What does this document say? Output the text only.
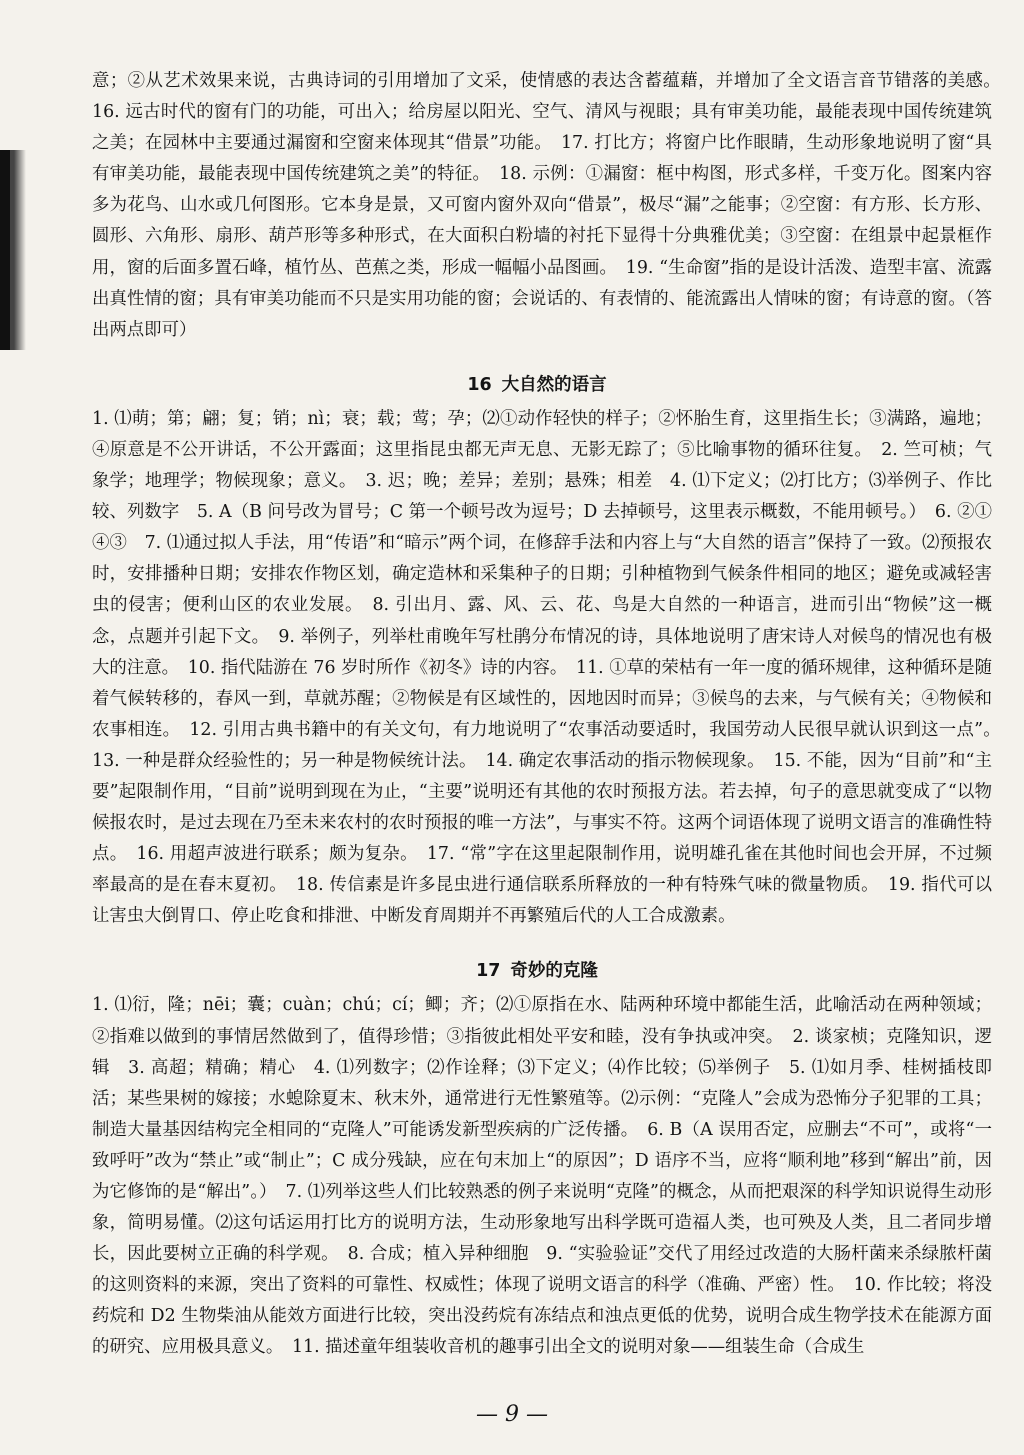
意；②从艺术效果来说，古典诗词的引用增加了文采，使情感的表达含蓄蕴藉，并增加了全文语言音节错落的美感。　16. 远古时代的窗有门的功能，可出入；给房屋以阳光、空气、清风与视眼；具有审美功能，最能表现中国传统建筑之美；在园林中主要通过漏窗和空窗来体现其“借景”功能。　17. 打比方；将窗户比作眼睛，生动形象地说明了窗“具有审美功能，最能表现中国传统建筑之美”的特征。　18. 示例：①漏窗：框中构图，形式多样，千变万化。图案内容多为花鸟、山水或几何图形。它本身是景，又可窗内窗外双向“借景”，极尽“漏”之能事；②空窗：有方形、长方形、圆形、六角形、扇形、葫芦形等多种形式，在大面积白粉墙的衬托下显得十分典雅优美；③空窗：在组景中起景框作用，窗的后面多置石峰，植竹丛、芭蕉之类，形成一幅幅小品图画。　19. “生命窗”指的是设计活泼、造型丰富、流露出真性情的窗；具有审美功能而不只是实用功能的窗；会说话的、有表情的、能流露出人情味的窗；有诗意的窗。（答出两点即可）

16 大自然的语言

1. ⑴萌；第；翩；复；销；nì；衰；载；莺；孕；⑵①动作轻快的样子；②怀胎生育，这里指生长；③满路，遍地；④原意是不公开讲话，不公开露面；这里指昆虫都无声无息、无影无踪了；⑤比喻事物的循环往复。　2. 竺可桢；气象学；地理学；物候现象；意义。　3. 迟；晚；差异；差别；悬殊；相差　4. ⑴下定义；⑵打比方；⑶举例子、作比较、列数字　5. A（B 问号改为冒号；C 第一个顿号改为逗号；D 去掉顿号，这里表示概数，不能用顿号。）　6. ②①④③　7. ⑴通过拟人手法，用“传语”和“暗示”两个词，在修辞手法和内容上与“大自然的语言”保持了一致。⑵预报农时，安排播种日期；安排农作物区划，确定造林和采集种子的日期；引种植物到气候条件相同的地区；避免或减轻害虫的侵害；便利山区的农业发展。　8. 引出月、露、风、云、花、鸟是大自然的一种语言，进而引出“物候”这一概念，点题并引起下文。　9. 举例子，列举杜甫晚年写杜鹃分布情况的诗，具体地说明了唐宋诗人对候鸟的情况也有极大的注意。　10. 指代陆游在 76 岁时所作《初冬》诗的内容。　11. ①草的荣枯有一年一度的循环规律，这种循环是随着气候转移的，春风一到，草就苏醒；②物候是有区域性的，因地因时而异；③候鸟的去来，与气候有关；④物候和农事相连。　12. 引用古典书籍中的有关文句，有力地说明了“农事活动要适时，我国劳动人民很早就认识到这一点”。　13. 一种是群众经验性的；另一种是物候统计法。　14. 确定农事活动的指示物候现象。　15. 不能，因为“目前”和“主要”起限制作用，“目前”说明到现在为止，“主要”说明还有其他的农时预报方法。若去掉，句子的意思就变成了“以物候报农时，是过去现在乃至未来农村的农时预报的唯一方法”，与事实不符。这两个词语体现了说明文语言的准确性特点。　16. 用超声波进行联系；颇为复杂。　17. “常”字在这里起限制作用，说明雄孔雀在其他时间也会开屏，不过频率最高的是在春末夏初。　18. 传信素是许多昆虫进行通信联系所释放的一种有特殊气味的微量物质。　19. 指代可以让害虫大倒胃口、停止吃食和排泄、中断发育周期并不再繁殖后代的人工合成激素。

17 奇妙的克隆

1. ⑴衍，隆；nēi；囊；cuàn；chú；cí；鲫；齐；⑵①原指在水、陆两种环境中都能生活，此喻活动在两种领域；②指难以做到的事情居然做到了，值得珍惜；③指彼此相处平安和睦，没有争执或冲突。　2. 谈家桢；克隆知识，逻辑　3. 高超；精确；精心　4. ⑴列数字；⑵作诠释；⑶下定义；⑷作比较；⑸举例子　5. ⑴如月季、桂树插枝即活；某些果树的嫁接；水螅除夏末、秋末外，通常进行无性繁殖等。⑵示例：“克隆人”会成为恐怖分子犯罪的工具；制造大量基因结构完全相同的“克隆人”可能诱发新型疾病的广泛传播。　6. B（A 误用否定，应删去“不可”，或将“一致呼吁”改为“禁止”或“制止”；C 成分残缺，应在句末加上“的原因”；D 语序不当，应将“顺利地”移到“解出”前，因为它修饰的是“解出”。）　7. ⑴列举这些人们比较熟悉的例子来说明“克隆”的概念，从而把艰深的科学知识说得生动形象，简明易懂。⑵这句话运用打比方的说明方法，生动形象地写出科学既可造福人类，也可殃及人类，且二者同步增长，因此要树立正确的科学观。　8. 合成；植入异种细胞　9. “实验验证”交代了用经过改造的大肠杆菌来杀绿脓杆菌的这则资料的来源，突出了资料的可靠性、权威性；体现了说明文语言的科学（准确、严密）性。　10. 作比较；将没药烷和 D2 生物柴油从能效方面进行比较，突出没药烷有冻结点和浊点更低的优势，说明合成生物学技术在能源方面的研究、应用极具意义。　11. 描述童年组装收音机的趣事引出全文的说明对象——组装生命（合成生

— 9 —
